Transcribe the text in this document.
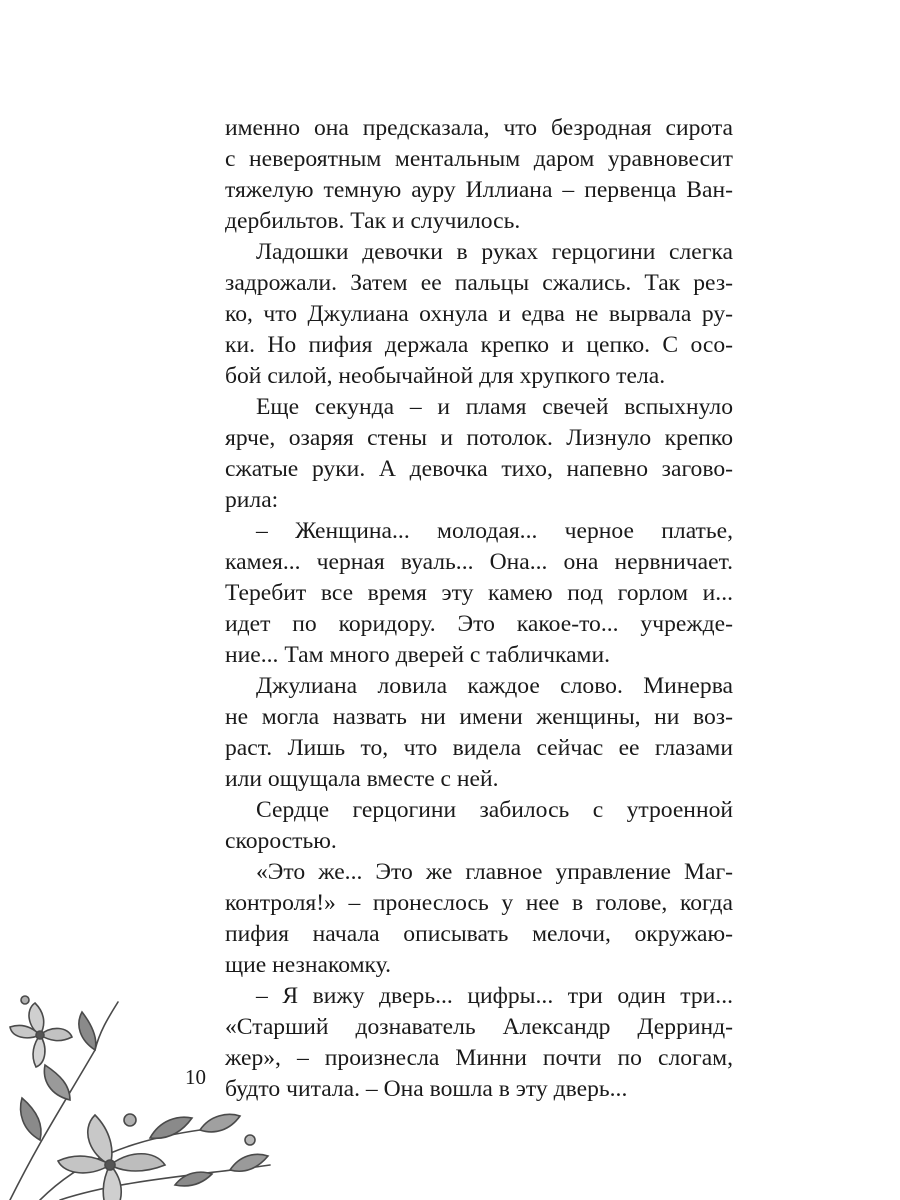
именно она предсказала, что безродная сирота
с невероятным ментальным даром уравновесит
тяжелую темную ауру Иллиана – первенца Ван-
дербильтов. Так и случилось.
Ладошки девочки в руках герцогини слегка
задрожали. Затем ее пальцы сжались. Так рез-
ко, что Джулиана охнула и едва не вырвала ру-
ки. Но пифия держала крепко и цепко. С осо-
бой силой, необычайной для хрупкого тела.
Еще секунда – и пламя свечей вспыхнуло
ярче, озаряя стены и потолок. Лизнуло крепко
сжатые руки. А девочка тихо, напевно загово-
рила:
– Женщина... молодая... черное платье,
камея... черная вуаль... Она... она нервничает.
Теребит все время эту камею под горлом и...
идет по коридору. Это какое-то... учрежде-
ние... Там много дверей с табличками.
Джулиана ловила каждое слово. Минерва
не могла назвать ни имени женщины, ни воз-
раст. Лишь то, что видела сейчас ее глазами
или ощущала вместе с ней.
Сердце герцогини забилось с утроенной
скоростью.
«Это же... Это же главное управление Маг-
контроля!» – пронеслось у нее в голове, когда
пифия начала описывать мелочи, окружаю-
щие незнакомку.
– Я вижу дверь... цифры... три один три...
«Старший дознаватель Александр Дерринд-
жер», – произнесла Минни почти по слогам,
будто читала. – Она вошла в эту дверь...
10
